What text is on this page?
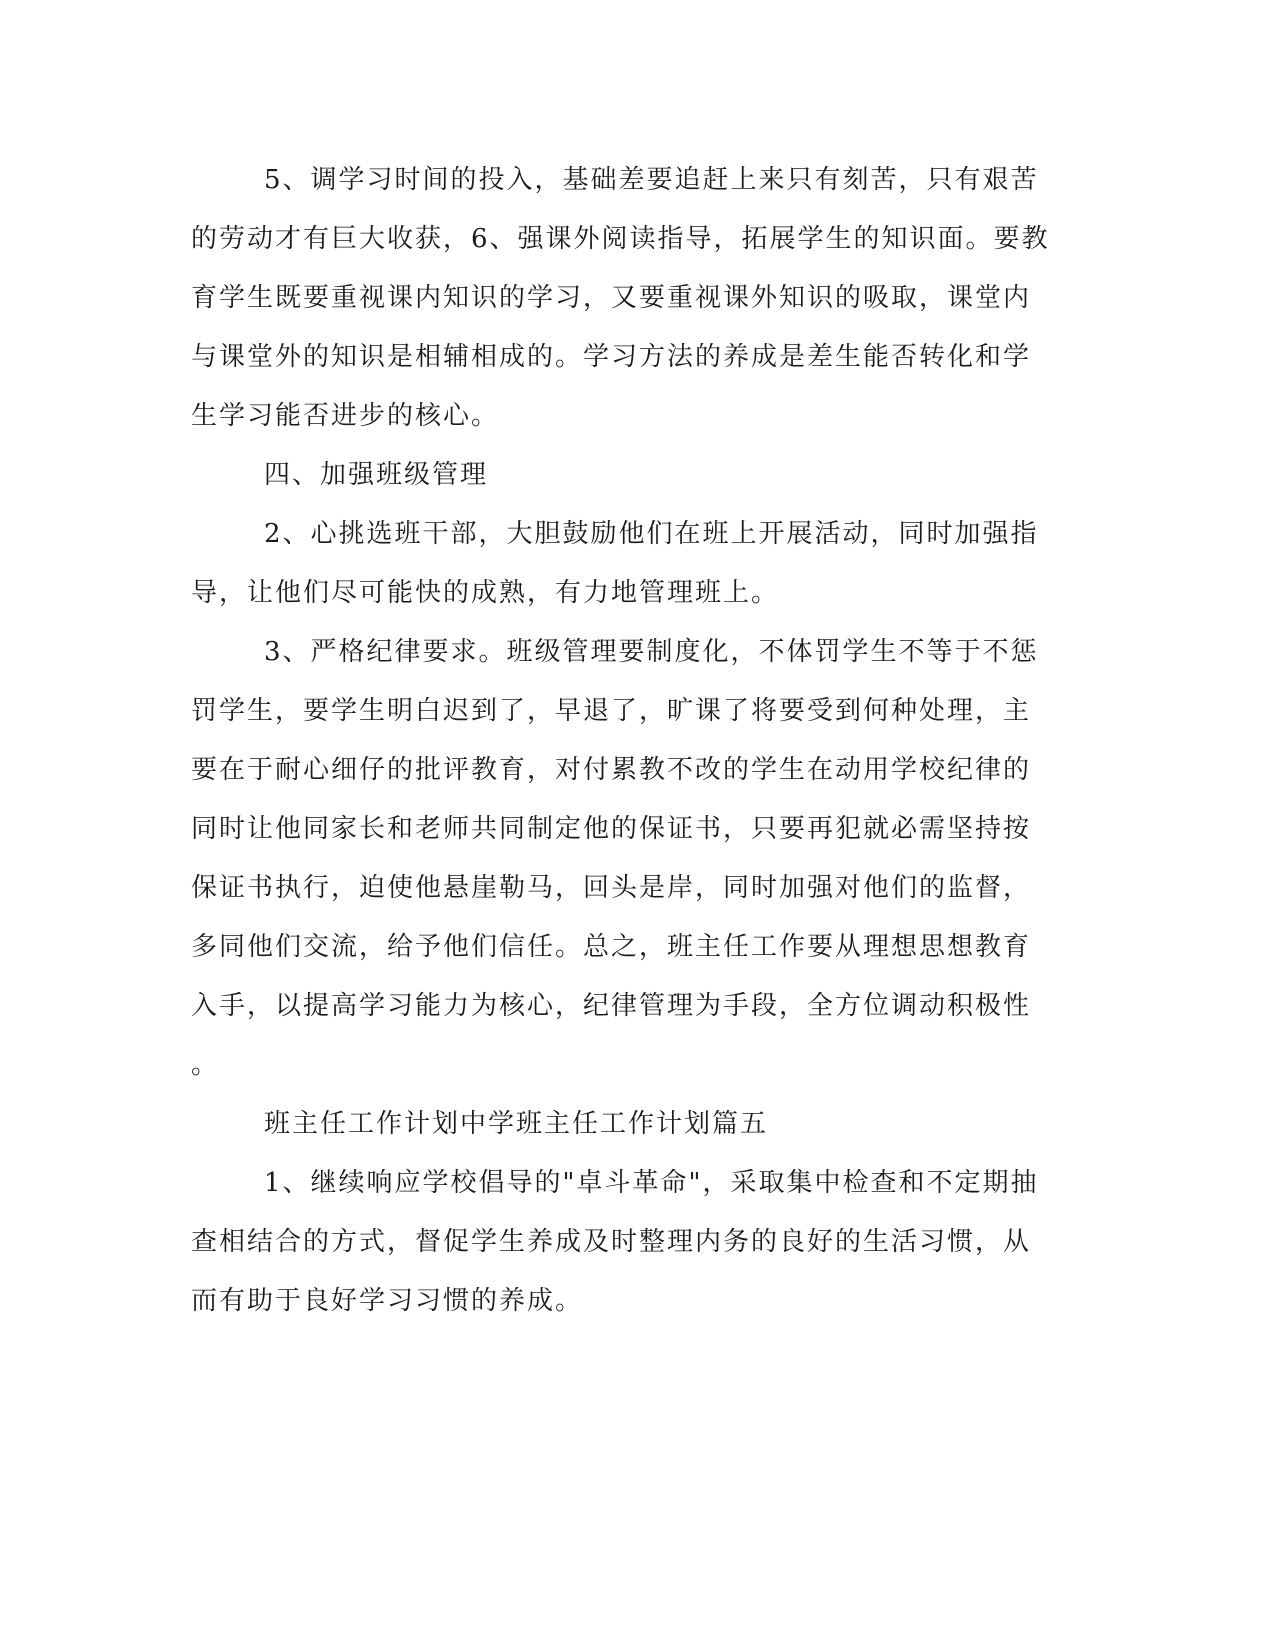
5、调学习时间的投入，基础差要追赶上来只有刻苦，只有艰苦
的劳动才有巨大收获，6、强课外阅读指导，拓展学生的知识面。要教
育学生既要重视课内知识的学习，又要重视课外知识的吸取，课堂内
与课堂外的知识是相辅相成的。学习方法的养成是差生能否转化和学
生学习能否进步的核心。
四、加强班级管理
2、心挑选班干部，大胆鼓励他们在班上开展活动，同时加强指
导，让他们尽可能快的成熟，有力地管理班上。
3、严格纪律要求。班级管理要制度化，不体罚学生不等于不惩
罚学生，要学生明白迟到了，早退了，旷课了将要受到何种处理，主
要在于耐心细仔的批评教育，对付累教不改的学生在动用学校纪律的
同时让他同家长和老师共同制定他的保证书，只要再犯就必需坚持按
保证书执行，迫使他悬崖勒马，回头是岸，同时加强对他们的监督，
多同他们交流，给予他们信任。总之，班主任工作要从理想思想教育
入手，以提高学习能力为核心，纪律管理为手段，全方位调动积极性
。
班主任工作计划中学班主任工作计划篇五
1、继续响应学校倡导的"卓斗革命"，采取集中检查和不定期抽
查相结合的方式，督促学生养成及时整理内务的良好的生活习惯，从
而有助于良好学习习惯的养成。
